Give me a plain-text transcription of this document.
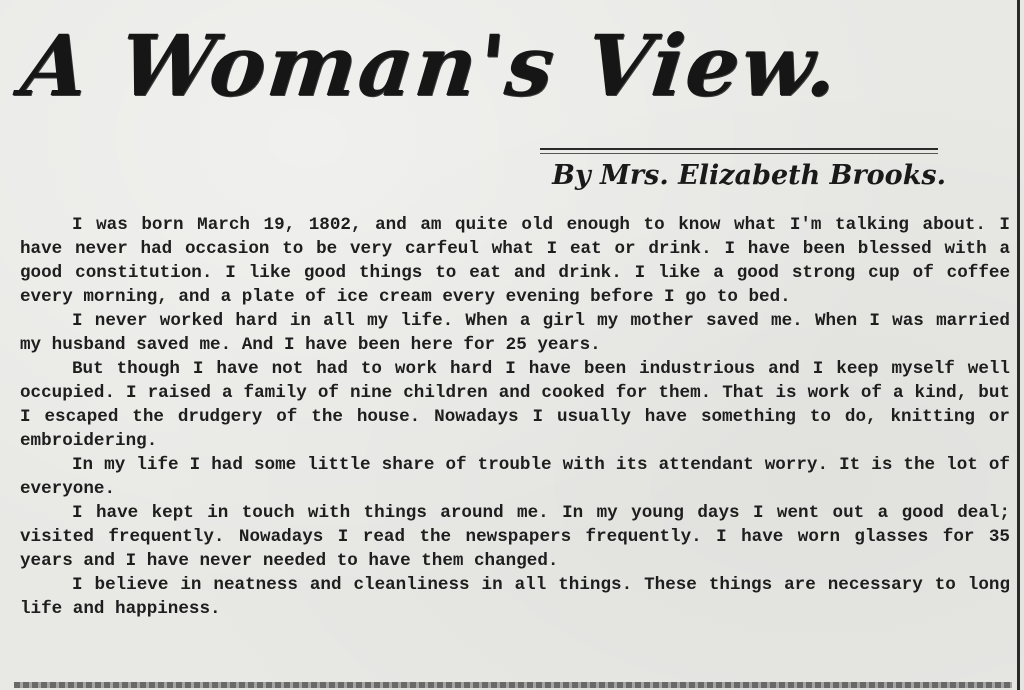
A Woman's View.

By Mrs. Elizabeth Brooks.

I was born March 19, 1802, and am quite old enough to know what I'm talking about. I have never had occasion to be very carfeul what I eat or drink. I have been blessed with a good constitution. I like good things to eat and drink. I like a good strong cup of coffee every morning, and a plate of ice cream every evening before I go to bed.

I never worked hard in all my life. When a girl my mother saved me. When I was married my husband saved me. And I have been here for 25 years.

But though I have not had to work hard I have been industrious and I keep myself well occupied. I raised a family of nine children and cooked for them. That is work of a kind, but I escaped the drudgery of the house. Nowadays I usually have something to do, knitting or embroidering.

In my life I had some little share of trouble with its attendant worry. It is the lot of everyone.

I have kept in touch with things around me. In my young days I went out a good deal; visited frequently. Nowadays I read the newspapers frequently. I have worn glasses for 35 years and I have never needed to have them changed.

I believe in neatness and cleanliness in all things. These things are necessary to long life and happiness.
